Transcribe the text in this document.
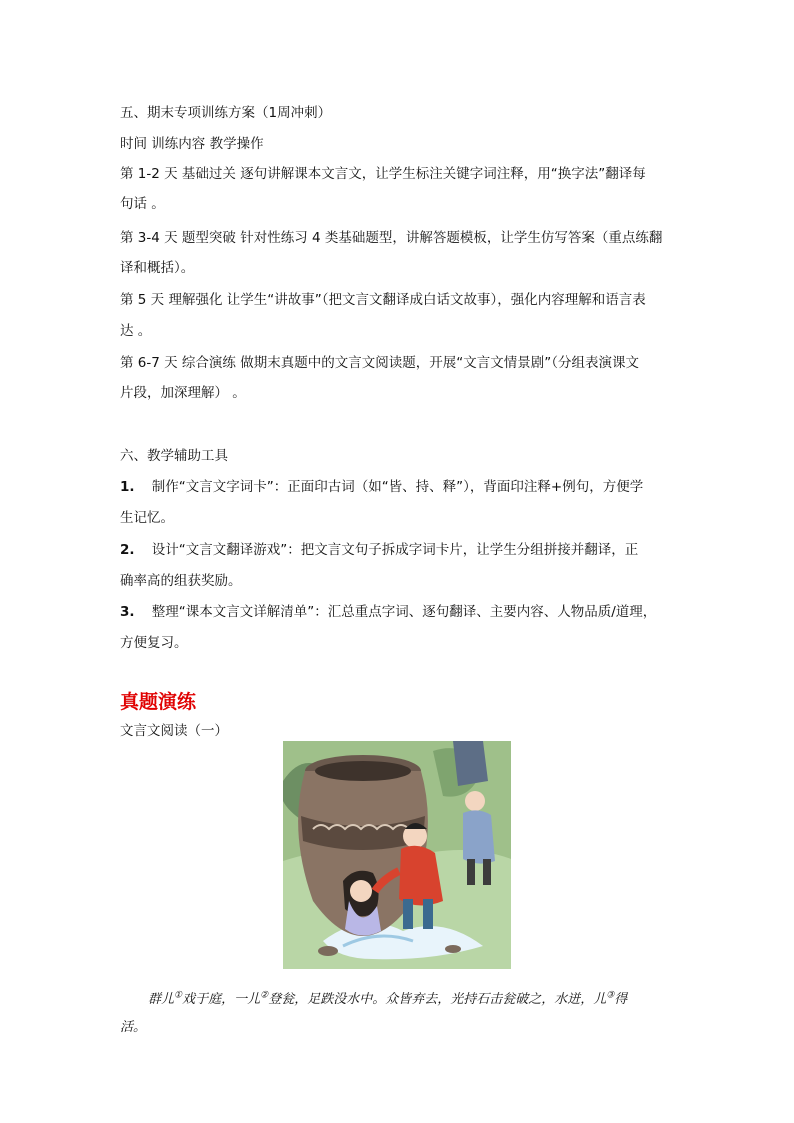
五、期末专项训练方案（1周冲刺）
时间 训练内容 教学操作
第 1-2 天 基础过关 逐句讲解课本文言文，让学生标注关键字词注释，用“换字法”翻译每
句话 。
第 3-4 天 题型突破 针对性练习 4 类基础题型，讲解答题模板，让学生仿写答案（重点练翻
译和概括）。
第 5 天 理解强化 让学生“讲故事”（把文言文翻译成白话文故事），强化内容理解和语言表
达 。
第 6-7 天 综合演练 做期末真题中的文言文阅读题，开展“文言文情景剧”（分组表演课文
片段，加深理解） 。
六、教学辅助工具
1. 制作“文言文字词卡”：正面印古词（如“皆、持、释”），背面印注释+例句，方便学
生记忆。
2. 设计“文言文翻译游戏”：把文言文句子拆成字词卡片，让学生分组拼接并翻译，正
确率高的组获奖励。
3. 整理“课本文言文详解清单”：汇总重点字词、逐句翻译、主要内容、人物品质/道理，
方便复习。
真题演练
文言文阅读（一）
群儿①戏于庭，一儿②登瓮，足跌没水中。众皆弃去，光持石击瓮破之，水迸，儿③得
活。
